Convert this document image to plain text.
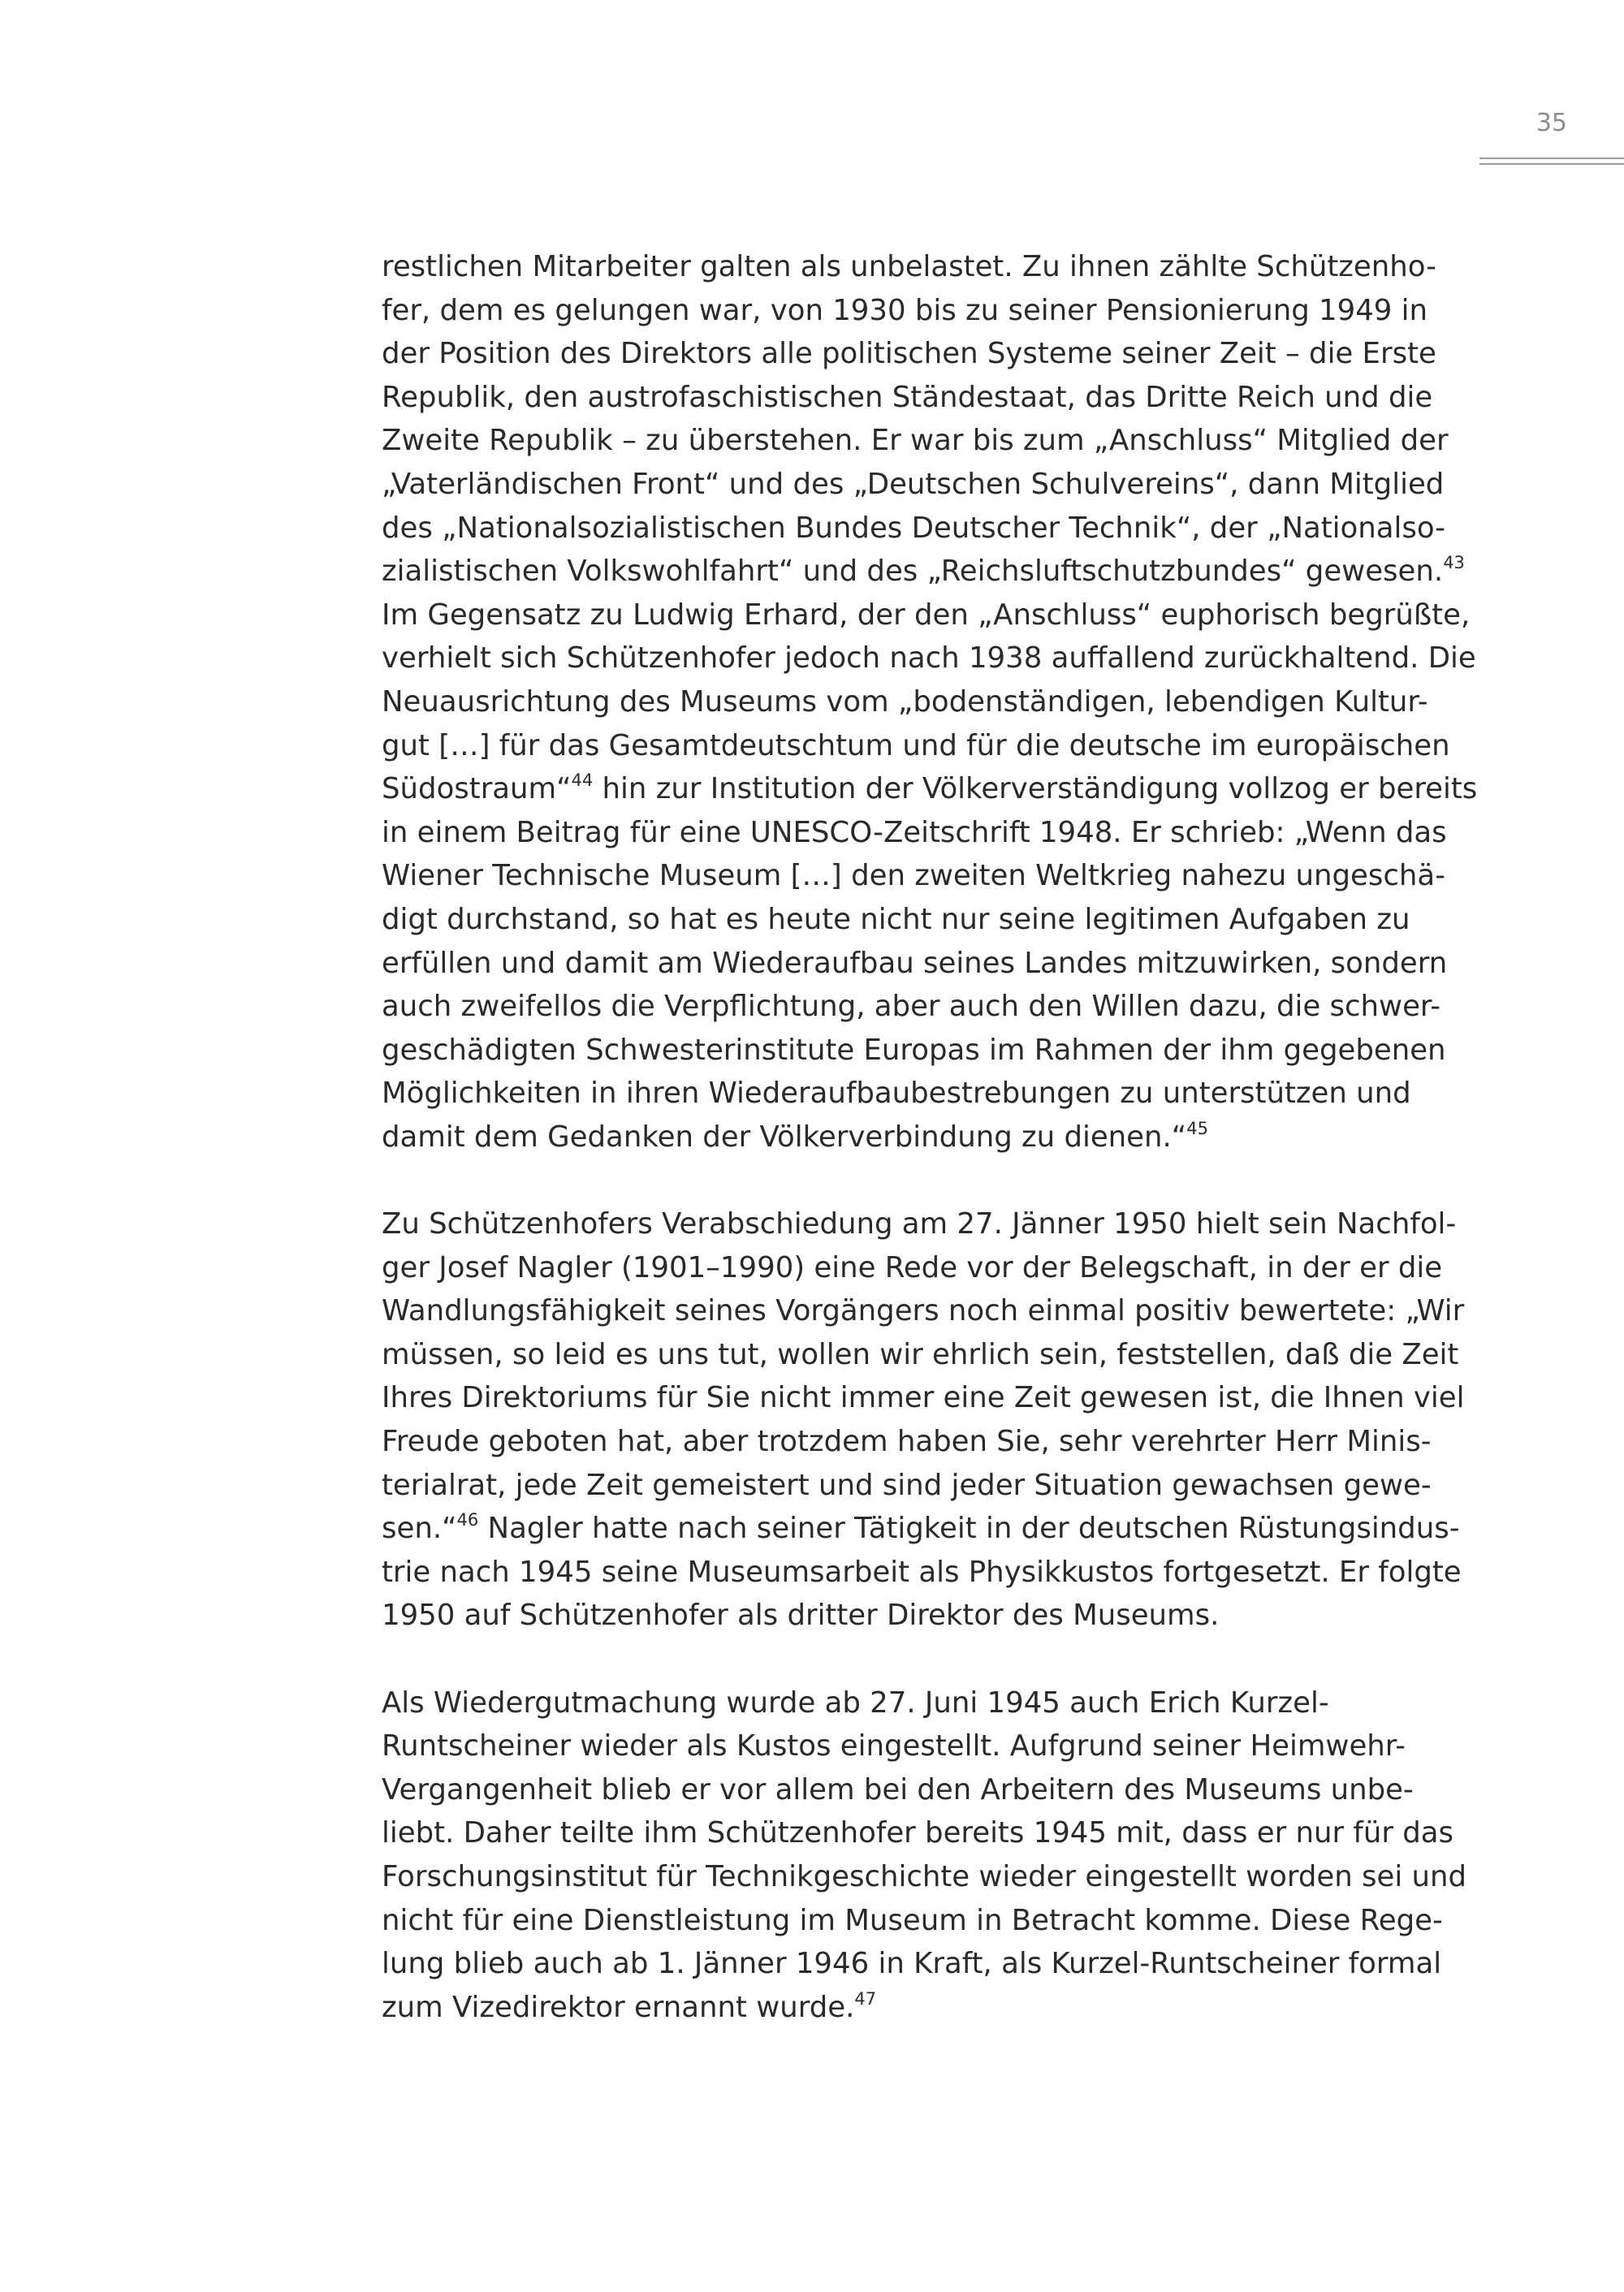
35
restlichen Mitarbeiter galten als unbelastet. Zu ihnen zählte Schützenho-
fer, dem es gelungen war, von 1930 bis zu seiner Pensionierung 1949 in
der Position des Direktors alle politischen Systeme seiner Zeit – die Erste
Republik, den austrofaschistischen Ständestaat, das Dritte Reich und die
Zweite Republik – zu überstehen. Er war bis zum „Anschluss“ Mitglied der
„Vaterländischen Front“ und des „Deutschen Schulvereins“, dann Mitglied
des „Nationalsozialistischen Bundes Deutscher Technik“, der „Nationalso-
zialistischen Volkswohlfahrt“ und des „Reichsluftschutzbundes“ gewesen.$^{43}$
Im Gegensatz zu Ludwig Erhard, der den „Anschluss“ euphorisch begrüßte,
verhielt sich Schützenhofer jedoch nach 1938 auffallend zurückhaltend. Die
Neuausrichtung des Museums vom „bodenständigen, lebendigen Kultur-
gut […] für das Gesamtdeutschtum und für die deutsche im europäischen
Südostraum“$^{44}$ hin zur Institution der Völkerverständigung vollzog er bereits
in einem Beitrag für eine UNESCO-Zeitschrift 1948. Er schrieb: „Wenn das
Wiener Technische Museum […] den zweiten Weltkrieg nahezu ungeschä-
digt durchstand, so hat es heute nicht nur seine legitimen Aufgaben zu
erfüllen und damit am Wiederaufbau seines Landes mitzuwirken, sondern
auch zweifellos die Verpflichtung, aber auch den Willen dazu, die schwer-
geschädigten Schwesterinstitute Europas im Rahmen der ihm gegebenen
Möglichkeiten in ihren Wiederaufbaubestrebungen zu unterstützen und
damit dem Gedanken der Völkerverbindung zu dienen.“$^{45}$
Zu Schützenhofers Verabschiedung am 27. Jänner 1950 hielt sein Nachfol-
ger Josef Nagler (1901–1990) eine Rede vor der Belegschaft, in der er die
Wandlungsfähigkeit seines Vorgängers noch einmal positiv bewertete: „Wir
müssen, so leid es uns tut, wollen wir ehrlich sein, feststellen, daß die Zeit
Ihres Direktoriums für Sie nicht immer eine Zeit gewesen ist, die Ihnen viel
Freude geboten hat, aber trotzdem haben Sie, sehr verehrter Herr Minis-
terialrat, jede Zeit gemeistert und sind jeder Situation gewachsen gewe-
sen.“$^{46}$ Nagler hatte nach seiner Tätigkeit in der deutschen Rüstungsindus-
trie nach 1945 seine Museumsarbeit als Physikkustos fortgesetzt. Er folgte
1950 auf Schützenhofer als dritter Direktor des Museums.
Als Wiedergutmachung wurde ab 27. Juni 1945 auch Erich Kurzel-
Runtscheiner wieder als Kustos eingestellt. Aufgrund seiner Heimwehr-
Vergangenheit blieb er vor allem bei den Arbeitern des Museums unbe-
liebt. Daher teilte ihm Schützenhofer bereits 1945 mit, dass er nur für das
Forschungsinstitut für Technikgeschichte wieder eingestellt worden sei und
nicht für eine Dienstleistung im Museum in Betracht komme. Diese Rege-
lung blieb auch ab 1. Jänner 1946 in Kraft, als Kurzel-Runtscheiner formal
zum Vizedirektor ernannt wurde.$^{47}$
